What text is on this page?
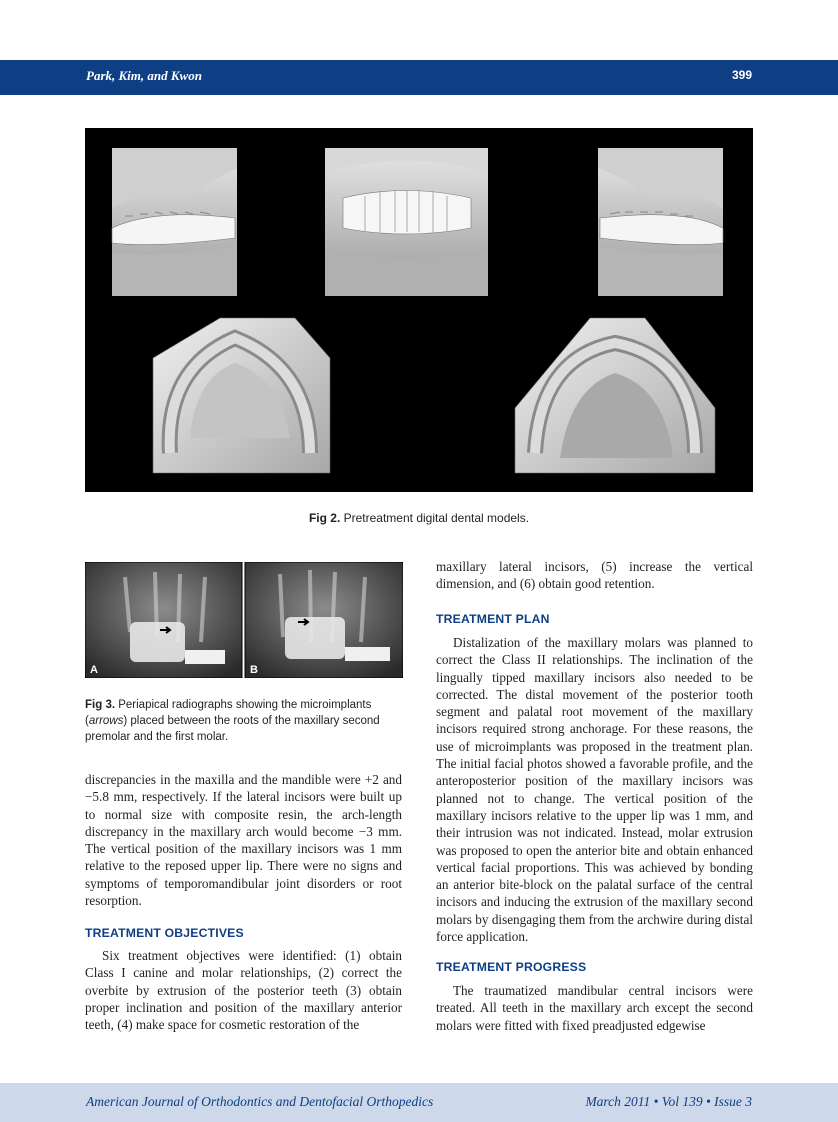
Park, Kim, and Kwon	399
Fig 2. Pretreatment digital dental models.
A	B
Fig 3. Periapical radiographs showing the microimplants (arrows) placed between the roots of the maxillary second premolar and the first molar.

discrepancies in the maxilla and the mandible were +2 and −5.8 mm, respectively. If the lateral incisors were built up to normal size with composite resin, the arch-length discrepancy in the maxillary arch would become −3 mm. The vertical position of the maxillary incisors was 1 mm relative to the reposed upper lip. There were no signs and symptoms of temporomandibular joint disorders or root resorption.

TREATMENT OBJECTIVES

Six treatment objectives were identified: (1) obtain Class I canine and molar relationships, (2) correct the overbite by extrusion of the posterior teeth (3) obtain proper inclination and position of the maxillary anterior teeth, (4) make space for cosmetic restoration of the

maxillary lateral incisors, (5) increase the vertical dimension, and (6) obtain good retention.

TREATMENT PLAN

Distalization of the maxillary molars was planned to correct the Class II relationships. The inclination of the lingually tipped maxillary incisors also needed to be corrected. The distal movement of the posterior tooth segment and palatal root movement of the maxillary incisors required strong anchorage. For these reasons, the use of microimplants was proposed in the treatment plan. The initial facial photos showed a favorable profile, and the anteroposterior position of the maxillary incisors was planned not to change. The vertical position of the maxillary incisors relative to the upper lip was 1 mm, and their intrusion was not indicated. Instead, molar extrusion was proposed to open the anterior bite and obtain enhanced vertical facial proportions. This was achieved by bonding an anterior bite-block on the palatal surface of the central incisors and inducing the extrusion of the maxillary second molars by disengaging them from the archwire during distal force application.

TREATMENT PROGRESS

The traumatized mandibular central incisors were treated. All teeth in the maxillary arch except the second molars were fitted with fixed preadjusted edgewise

American Journal of Orthodontics and Dentofacial Orthopedics	March 2011 • Vol 139 • Issue 3
